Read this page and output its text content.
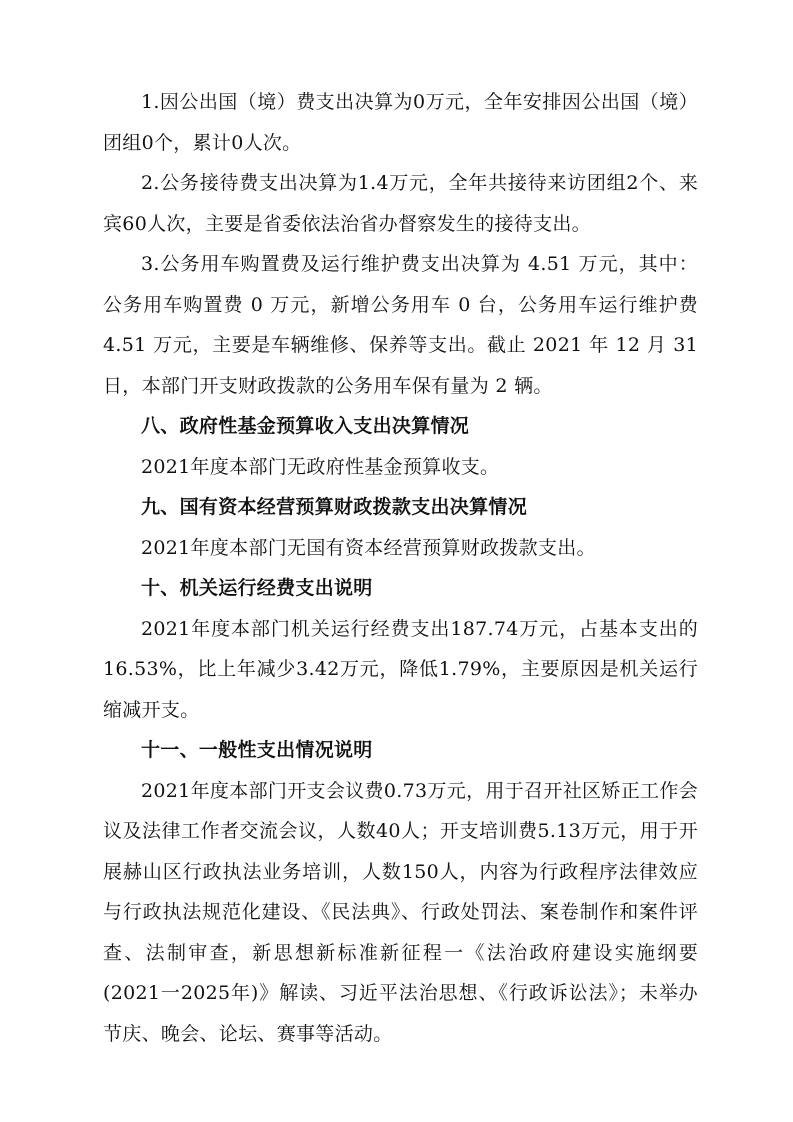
1.因公出国（境）费支出决算为0万元，全年安排因公出国（境）团组0个，累计0人次。

2.公务接待费支出决算为1.4万元，全年共接待来访团组2个、来宾60人次，主要是省委依法治省办督察发生的接待支出。

3.公务用车购置费及运行维护费支出决算为 4.51 万元，其中：公务用车购置费 0 万元，新增公务用车 0 台，公务用车运行维护费 4.51 万元，主要是车辆维修、保养等支出。截止 2021 年 12 月 31 日，本部门开支财政拨款的公务用车保有量为 2 辆。

八、政府性基金预算收入支出决算情况

2021年度本部门无政府性基金预算收支。

九、国有资本经营预算财政拨款支出决算情况

2021年度本部门无国有资本经营预算财政拨款支出。

十、机关运行经费支出说明

2021年度本部门机关运行经费支出187.74万元，占基本支出的16.53%，比上年减少3.42万元，降低1.79%，主要原因是机关运行缩减开支。

十一、一般性支出情况说明

2021年度本部门开支会议费0.73万元，用于召开社区矫正工作会议及法律工作者交流会议，人数40人；开支培训费5.13万元，用于开展赫山区行政执法业务培训，人数150人，内容为行政程序法律效应与行政执法规范化建设、《民法典》、行政处罚法、案卷制作和案件评查、法制审查，新思想新标准新征程一《法治政府建设实施纲要(2021一2025年)》解读、习近平法治思想、《行政诉讼法》；未举办节庆、晚会、论坛、赛事等活动。
